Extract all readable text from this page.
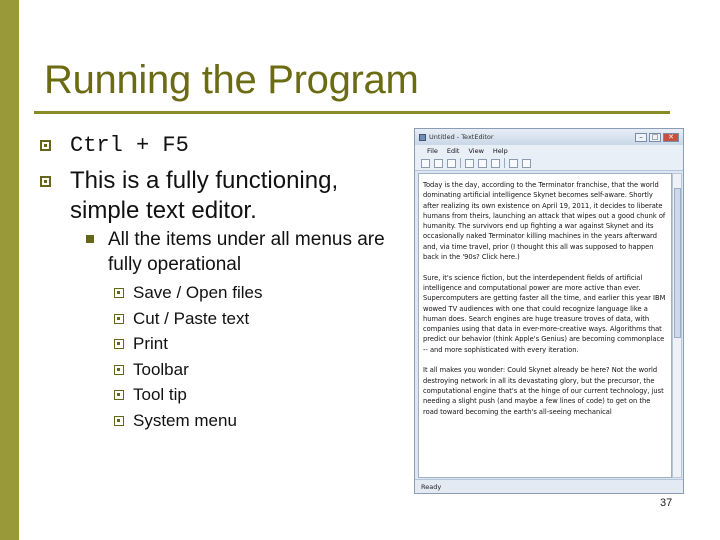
Running the Program
Ctrl + F5
This is a fully functioning, simple text editor.
All the items under all menus are fully operational
Save / Open files
Cut / Paste text
Print
Toolbar
Tool tip
System menu
Untitled - TextEditor	–	□	✕
File Edit View Help
Today is the day, according to the Terminator franchise, that the world dominating artificial intelligence Skynet becomes self-aware. Shortly after realizing its own existence on April 19, 2011, it decides to liberate humans from theirs, launching an attack that wipes out a good chunk of humanity. The survivors end up fighting a war against Skynet and its occasionally naked Terminator killing machines in the years afterward and, via time travel, prior (I thought this all was supposed to happen back in the '90s? Click here.)

Sure, it's science fiction, but the interdependent fields of artificial intelligence and computational power are more active than ever. Supercomputers are getting faster all the time, and earlier this year IBM wowed TV audiences with one that could recognize language like a human does. Search engines are huge treasure troves of data, with companies using that data in ever-more-creative ways. Algorithms that predict our behavior (think Apple's Genius) are becoming commonplace -- and more sophisticated with every iteration.

It all makes you wonder: Could Skynet already be here? Not the world destroying network in all its devastating glory, but the precursor, the computational engine that's at the hinge of our current technology, just needing a slight push (and maybe a few lines of code) to get on the road toward becoming the earth's all-seeing mechanical
Ready
37
